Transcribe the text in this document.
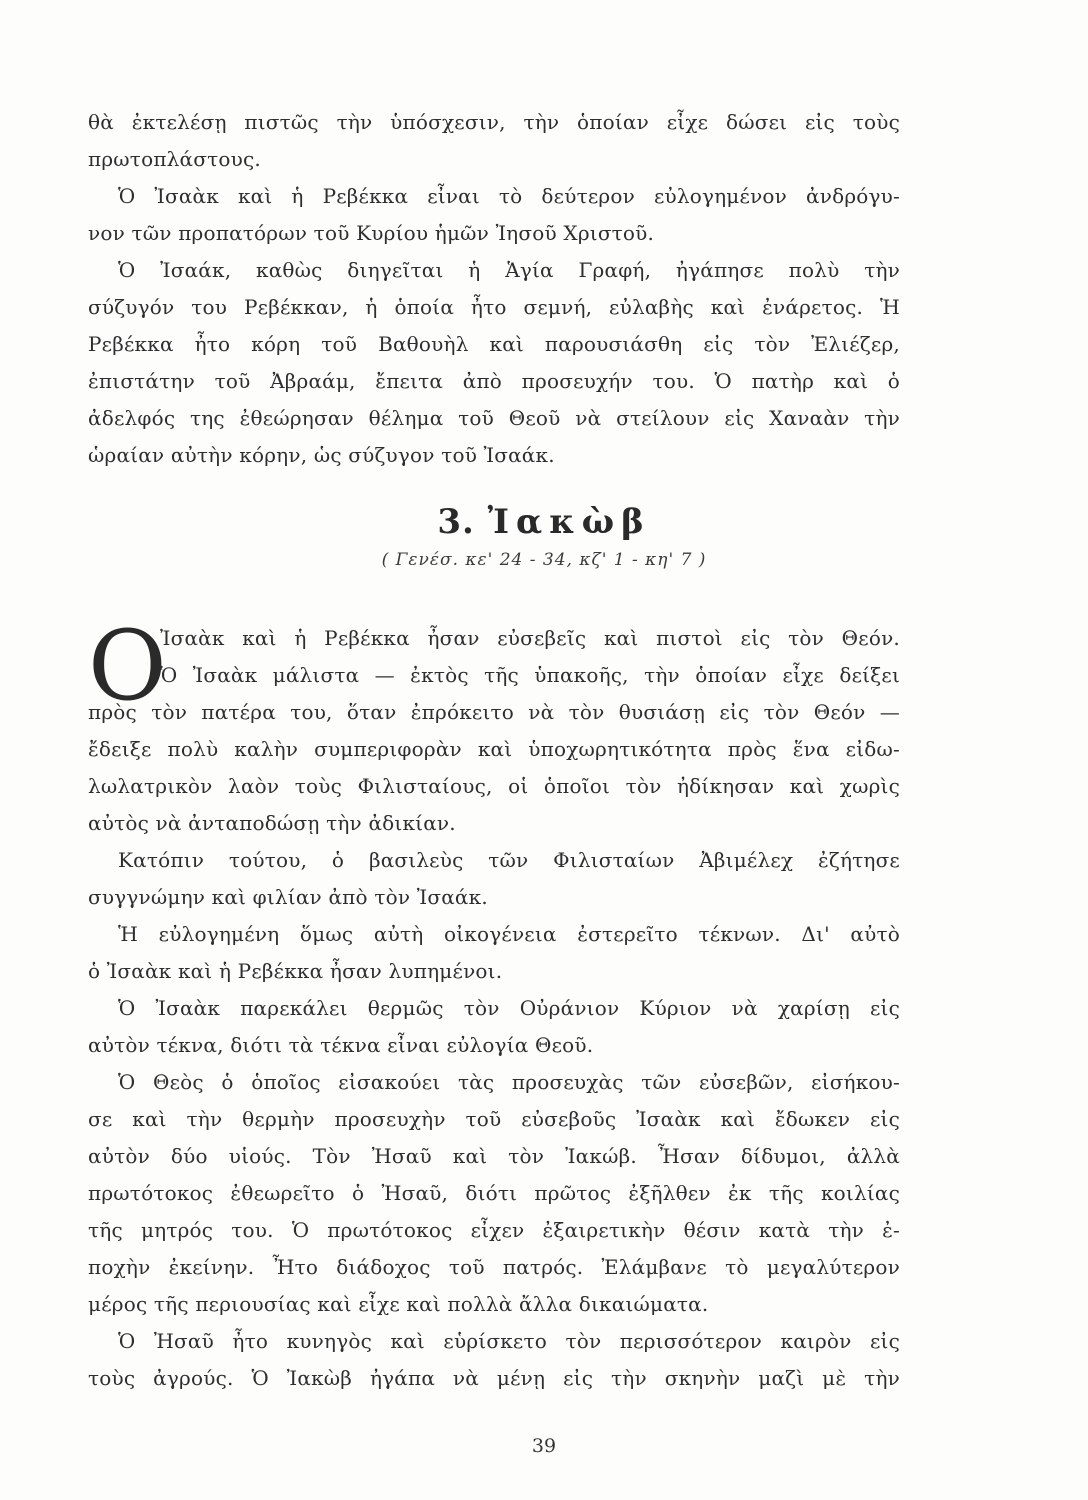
θὰ ἐκτελέσῃ πιστῶς τὴν ὑπόσχεσιν, τὴν ὁποίαν εἶχε δώσει εἰς τοὺς
πρωτοπλάστους.
Ὁ Ἰσαὰκ καὶ ἡ Ρεβέκκα εἶναι τὸ δεύτερον εὐλογημένον ἀνδρόγυ-
νον τῶν προπατόρων τοῦ Κυρίου ἡμῶν Ἰησοῦ Χριστοῦ.
Ὁ Ἰσαάκ, καθὼς διηγεῖται ἡ Ἁγία Γραφή, ἠγάπησε πολὺ τὴν
σύζυγόν του Ρεβέκκαν, ἡ ὁποία ἦτο σεμνή, εὐλαβὴς καὶ ἐνάρετος. Ἡ
Ρεβέκκα ἦτο κόρη τοῦ Βαθουὴλ καὶ παρουσιάσθη εἰς τὸν Ἐλιέζερ,
ἐπιστάτην τοῦ Ἀβραάμ, ἔπειτα ἀπὸ προσευχήν του. Ὁ πατὴρ καὶ ὁ
ἀδελφός της ἐθεώρησαν θέλημα τοῦ Θεοῦ νὰ στείλουν εἰς Χαναὰν τὴν
ὡραίαν αὐτὴν κόρην, ὡς σύζυγον τοῦ Ἰσαάκ.
3. Ἰακὼβ
( Γενέσ. κε' 24 - 34, κζ' 1 - κη' 7 )
Ο
Ἰσαὰκ καὶ ἡ Ρεβέκκα ἦσαν εὐσεβεῖς καὶ πιστοὶ εἰς τὸν Θεόν.
Ὁ Ἰσαὰκ μάλιστα — ἐκτὸς τῆς ὑπακοῆς, τὴν ὁποίαν εἶχε δείξει
πρὸς τὸν πατέρα του, ὅταν ἐπρόκειτο νὰ τὸν θυσιάσῃ εἰς τὸν Θεόν —
ἔδειξε πολὺ καλὴν συμπεριφορὰν καὶ ὑποχωρητικότητα πρὸς ἕνα εἰδω-
λωλατρικὸν λαὸν τοὺς Φιλισταίους, οἱ ὁποῖοι τὸν ἠδίκησαν καὶ χωρὶς
αὐτὸς νὰ ἀνταποδώσῃ τὴν ἀδικίαν.
Κατόπιν τούτου, ὁ βασιλεὺς τῶν Φιλισταίων Ἀβιμέλεχ ἐζήτησε
συγγνώμην καὶ φιλίαν ἀπὸ τὸν Ἰσαάκ.
Ἡ εὐλογημένη ὅμως αὐτὴ οἰκογένεια ἐστερεῖτο τέκνων. Δι' αὐτὸ
ὁ Ἰσαὰκ καὶ ἡ Ρεβέκκα ἦσαν λυπημένοι.
Ὁ Ἰσαὰκ παρεκάλει θερμῶς τὸν Οὐράνιον Κύριον νὰ χαρίσῃ εἰς
αὐτὸν τέκνα, διότι τὰ τέκνα εἶναι εὐλογία Θεοῦ.
Ὁ Θεὸς ὁ ὁποῖος εἰσακούει τὰς προσευχὰς τῶν εὐσεβῶν, εἰσήκου-
σε καὶ τὴν θερμὴν προσευχὴν τοῦ εὐσεβοῦς Ἰσαὰκ καὶ ἔδωκεν εἰς
αὐτὸν δύο υἱούς. Τὸν Ἠσαῦ καὶ τὸν Ἰακώβ. Ἦσαν δίδυμοι, ἀλλὰ
πρωτότοκος ἐθεωρεῖτο ὁ Ἠσαῦ, διότι πρῶτος ἐξῆλθεν ἐκ τῆς κοιλίας
τῆς μητρός του. Ὁ πρωτότοκος εἶχεν ἐξαιρετικὴν θέσιν κατὰ τὴν ἐ-
ποχὴν ἐκείνην. Ἦτο διάδοχος τοῦ πατρός. Ἐλάμβανε τὸ μεγαλύτερον
μέρος τῆς περιουσίας καὶ εἶχε καὶ πολλὰ ἄλλα δικαιώματα.
Ὁ Ἠσαῦ ἦτο κυνηγὸς καὶ εὑρίσκετο τὸν περισσότερον καιρὸν εἰς
τοὺς ἀγρούς. Ὁ Ἰακὼβ ἠγάπα νὰ μένῃ εἰς τὴν σκηνὴν μαζὶ μὲ τὴν
39
